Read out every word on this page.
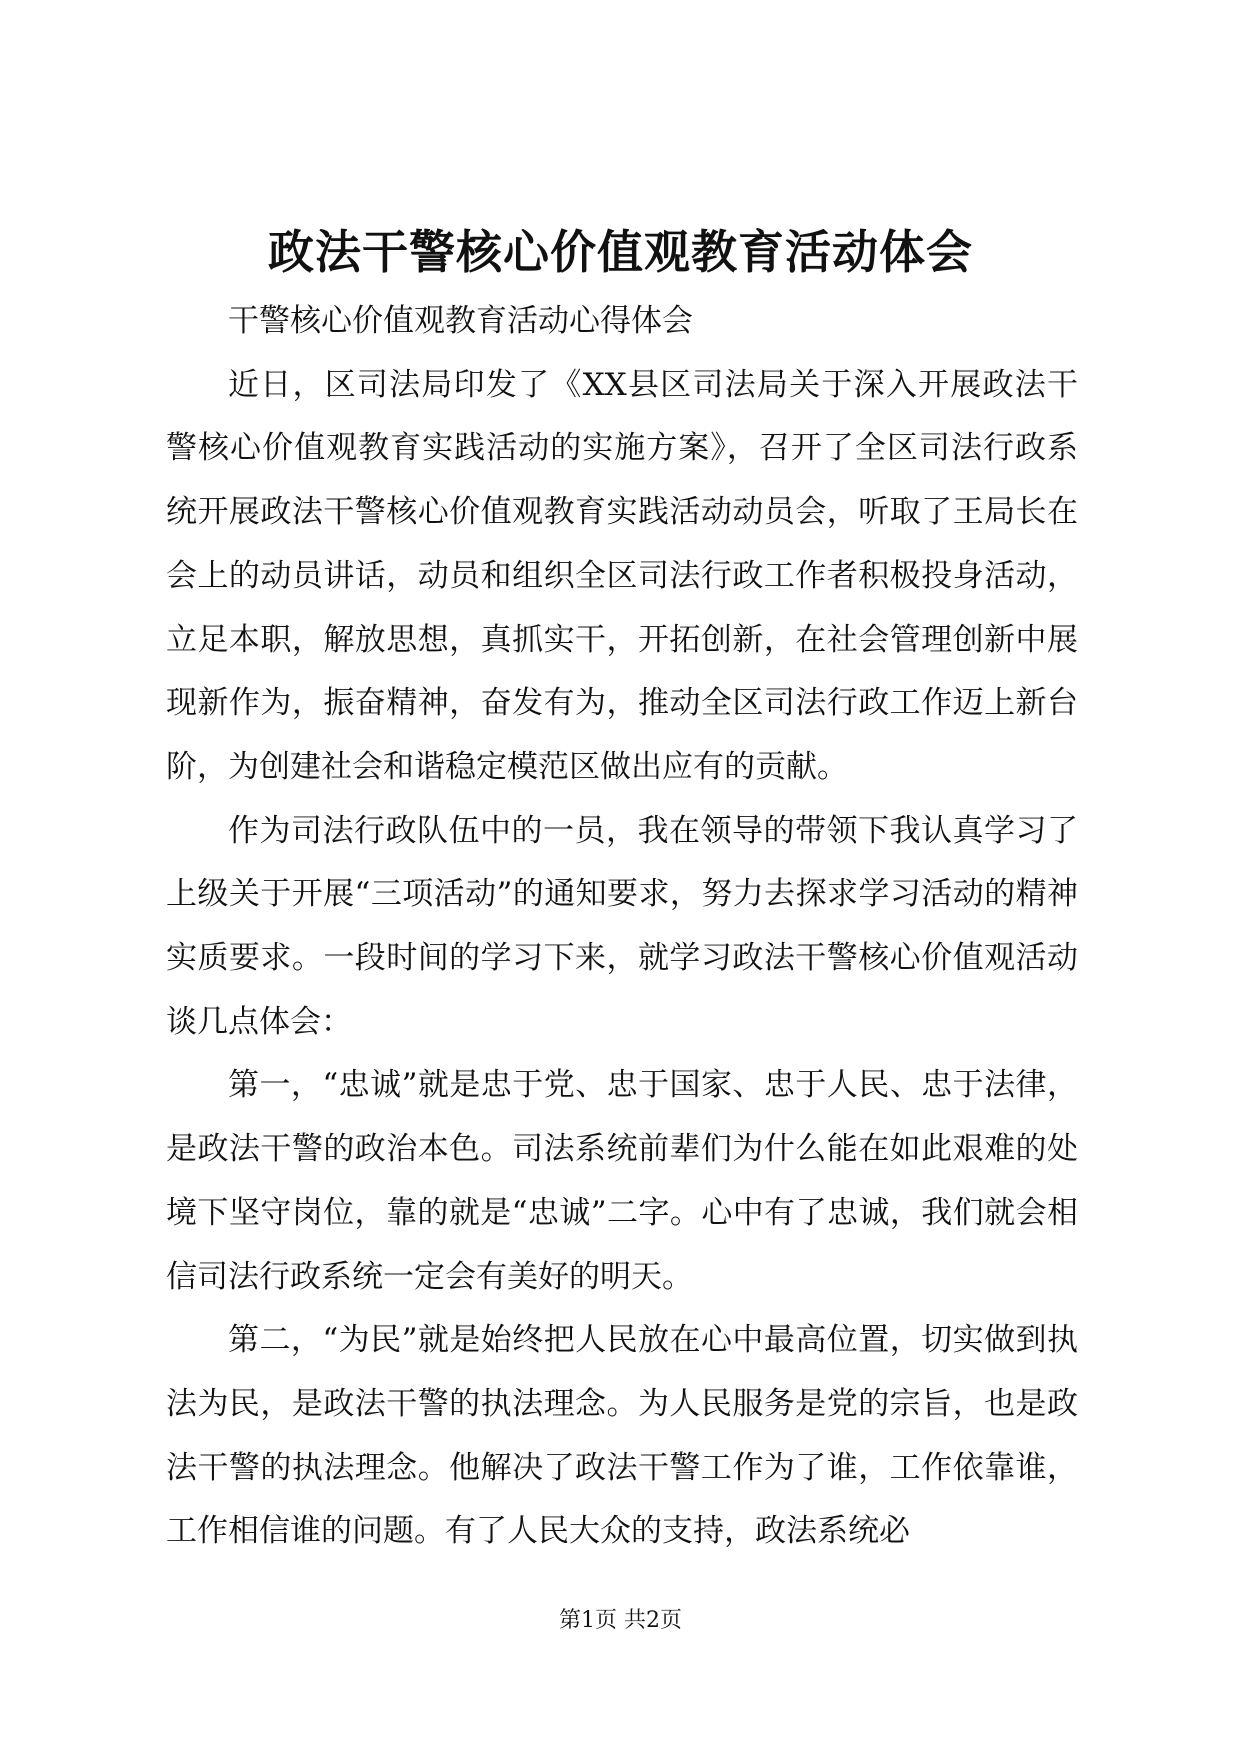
政法干警核心价值观教育活动体会

干警核心价值观教育活动心得体会

近日，区司法局印发了《XX县区司法局关于深入开展政法干警核心价值观教育实践活动的实施方案》，召开了全区司法行政系统开展政法干警核心价值观教育实践活动动员会，听取了王局长在会上的动员讲话，动员和组织全区司法行政工作者积极投身活动，立足本职，解放思想，真抓实干，开拓创新，在社会管理创新中展现新作为，振奋精神，奋发有为，推动全区司法行政工作迈上新台阶，为创建社会和谐稳定模范区做出应有的贡献。

作为司法行政队伍中的一员，我在领导的带领下我认真学习了上级关于开展“三项活动”的通知要求，努力去探求学习活动的精神实质要求。一段时间的学习下来，就学习政法干警核心价值观活动谈几点体会：

第一，“忠诚”就是忠于党、忠于国家、忠于人民、忠于法律，是政法干警的政治本色。司法系统前辈们为什么能在如此艰难的处境下坚守岗位，靠的就是“忠诚”二字。心中有了忠诚，我们就会相信司法行政系统一定会有美好的明天。

第二，“为民”就是始终把人民放在心中最高位置，切实做到执法为民，是政法干警的执法理念。为人民服务是党的宗旨，也是政法干警的执法理念。他解决了政法干警工作为了谁，工作依靠谁，工作相信谁的问题。有了人民大众的支持，政法系统必

第1页 共2页
